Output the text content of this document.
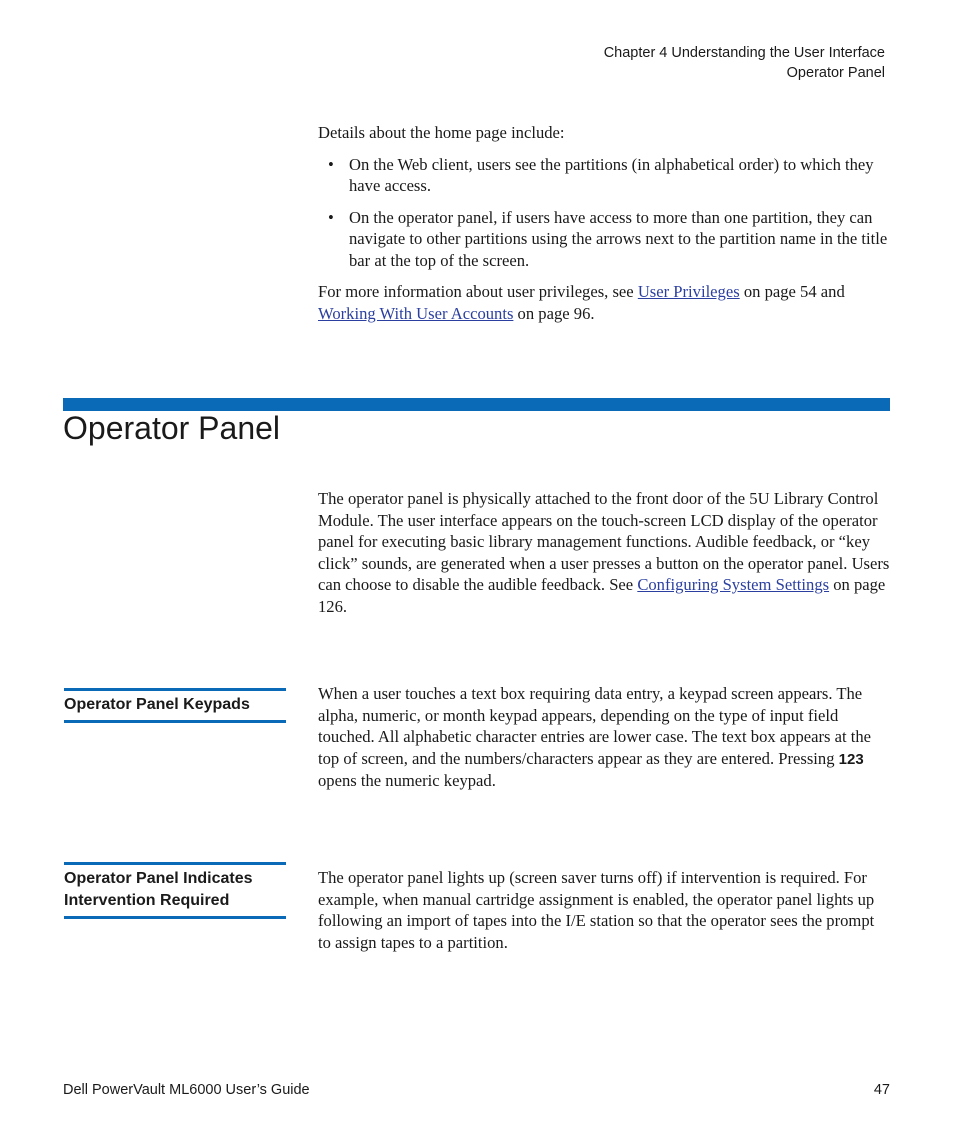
Chapter 4 Understanding the User Interface
Operator Panel

Details about the home page include:

• On the Web client, users see the partitions (in alphabetical order) to which they have access.
• On the operator panel, if users have access to more than one partition, they can navigate to other partitions using the arrows next to the partition name in the title bar at the top of the screen.

For more information about user privileges, see User Privileges on page 54 and Working With User Accounts on page 96.

Operator Panel

The operator panel is physically attached to the front door of the 5U Library Control Module. The user interface appears on the touch-screen LCD display of the operator panel for executing basic library management functions. Audible feedback, or “key click” sounds, are generated when a user presses a button on the operator panel. Users can choose to disable the audible feedback. See Configuring System Settings on page 126.

Operator Panel Keypads

When a user touches a text box requiring data entry, a keypad screen appears. The alpha, numeric, or month keypad appears, depending on the type of input field touched. All alphabetic character entries are lower case. The text box appears at the top of screen, and the numbers/characters appear as they are entered. Pressing 123 opens the numeric keypad.

Operator Panel Indicates Intervention Required

The operator panel lights up (screen saver turns off) if intervention is required. For example, when manual cartridge assignment is enabled, the operator panel lights up following an import of tapes into the I/E station so that the operator sees the prompt to assign tapes to a partition.

Dell PowerVault ML6000 User’s Guide	47
